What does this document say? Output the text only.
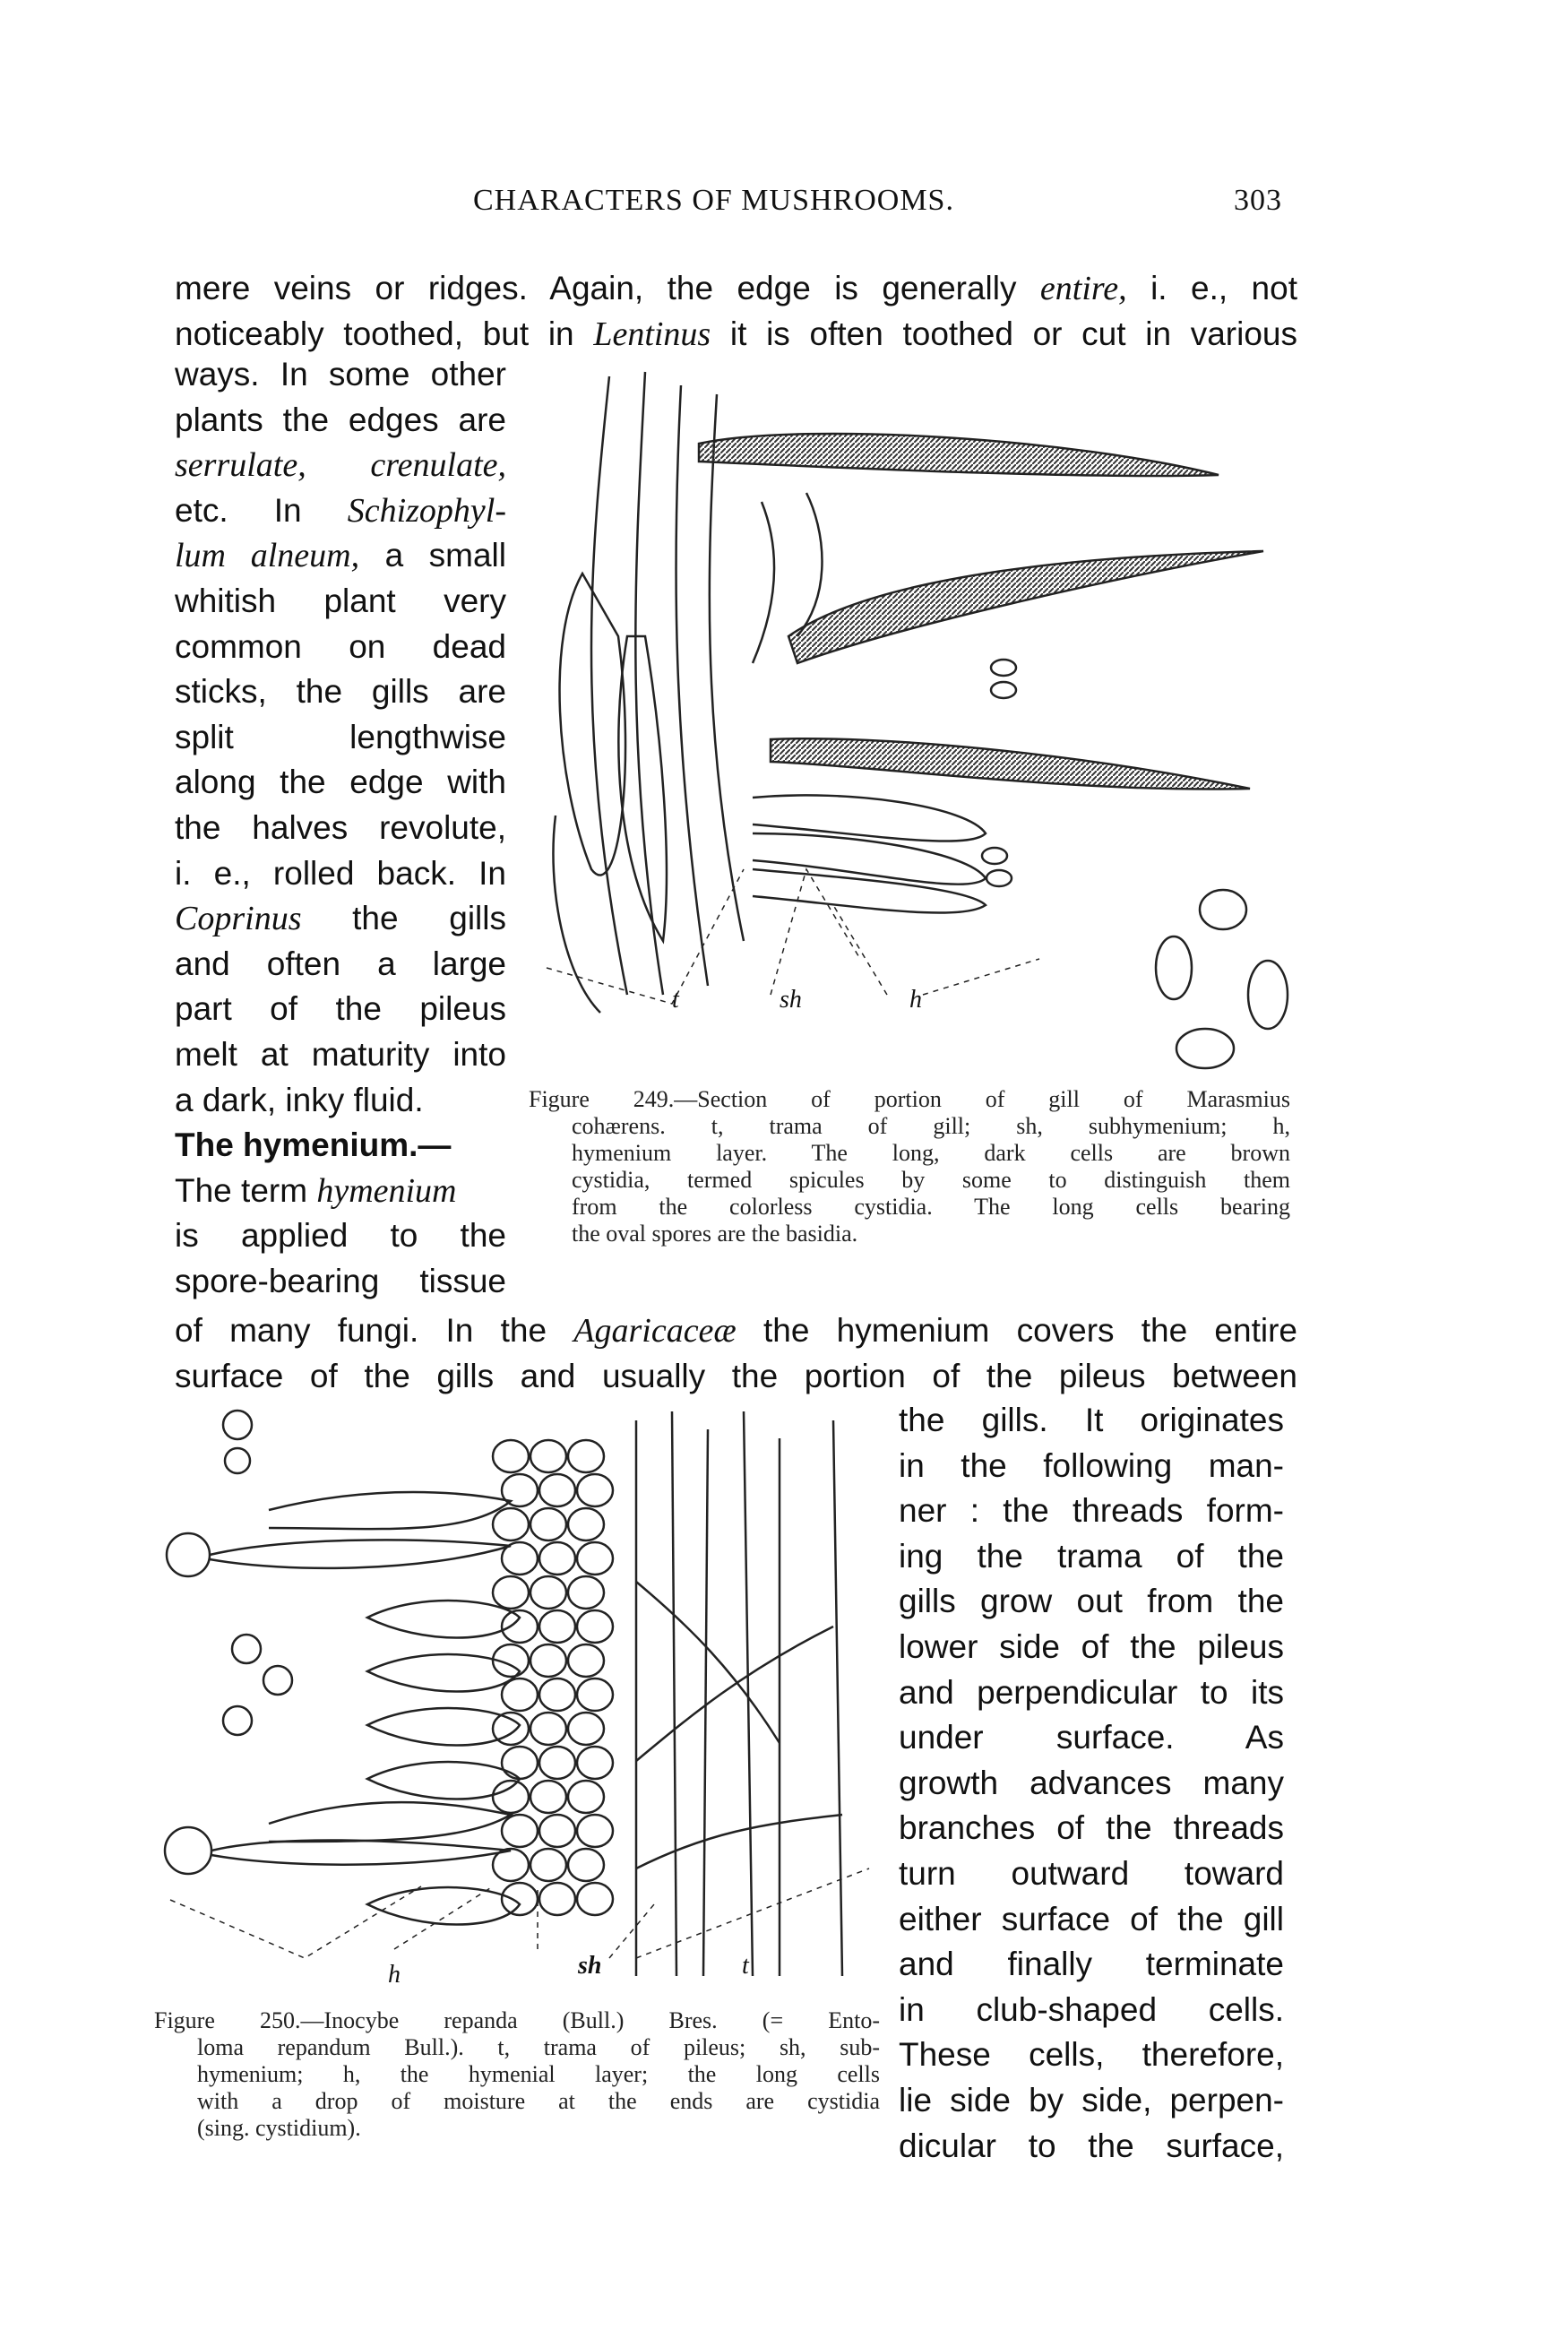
CHARACTERS OF MUSHROOMS.	303
mere veins or ridges. Again, the edge is generally entire, i. e., not
noticeably toothed, but in Lentinus it is often toothed or cut in various
ways. In some other
plants the edges are
serrulate, crenulate,
etc. In Schizophyl-
lum alneum, a small
whitish plant very
common on dead
sticks, the gills are
split lengthwise
along the edge with
the halves revolute,
i. e., rolled back. In
Coprinus the gills
and often a large
part of the pileus
melt at maturity into
a dark, inky fluid.
The hymenium.—
The term hymenium
is applied to the
spore-bearing tissue
of many fungi. In the Agaricaceæ the hymenium covers the entire
surface of the gills and usually the portion of the pileus between
the gills. It originates
in the following man-
ner : the threads form-
ing the trama of the
gills grow out from the
lower side of the pileus
and perpendicular to its
under surface. As
growth advances many
branches of the threads
turn outward toward
either surface of the gill
and finally terminate
in club-shaped cells.
These cells, therefore,
lie side by side, perpen-
dicular to the surface,
t	sh	h
Figure 249.—Section of portion of gill of Marasmius
cohærens. t, trama of gill; sh, subhymenium; h,
hymenium layer. The long, dark cells are brown
cystidia, termed spicules by some to distinguish them
from the colorless cystidia. The long cells bearing
the oval spores are the basidia.
h	sh	t
Figure 250.—Inocybe repanda (Bull.) Bres. (= Ento-
loma repandum Bull.). t, trama of pileus; sh, sub-
hymenium; h, the hymenial layer; the long cells
with a drop of moisture at the ends are cystidia
(sing. cystidium).
